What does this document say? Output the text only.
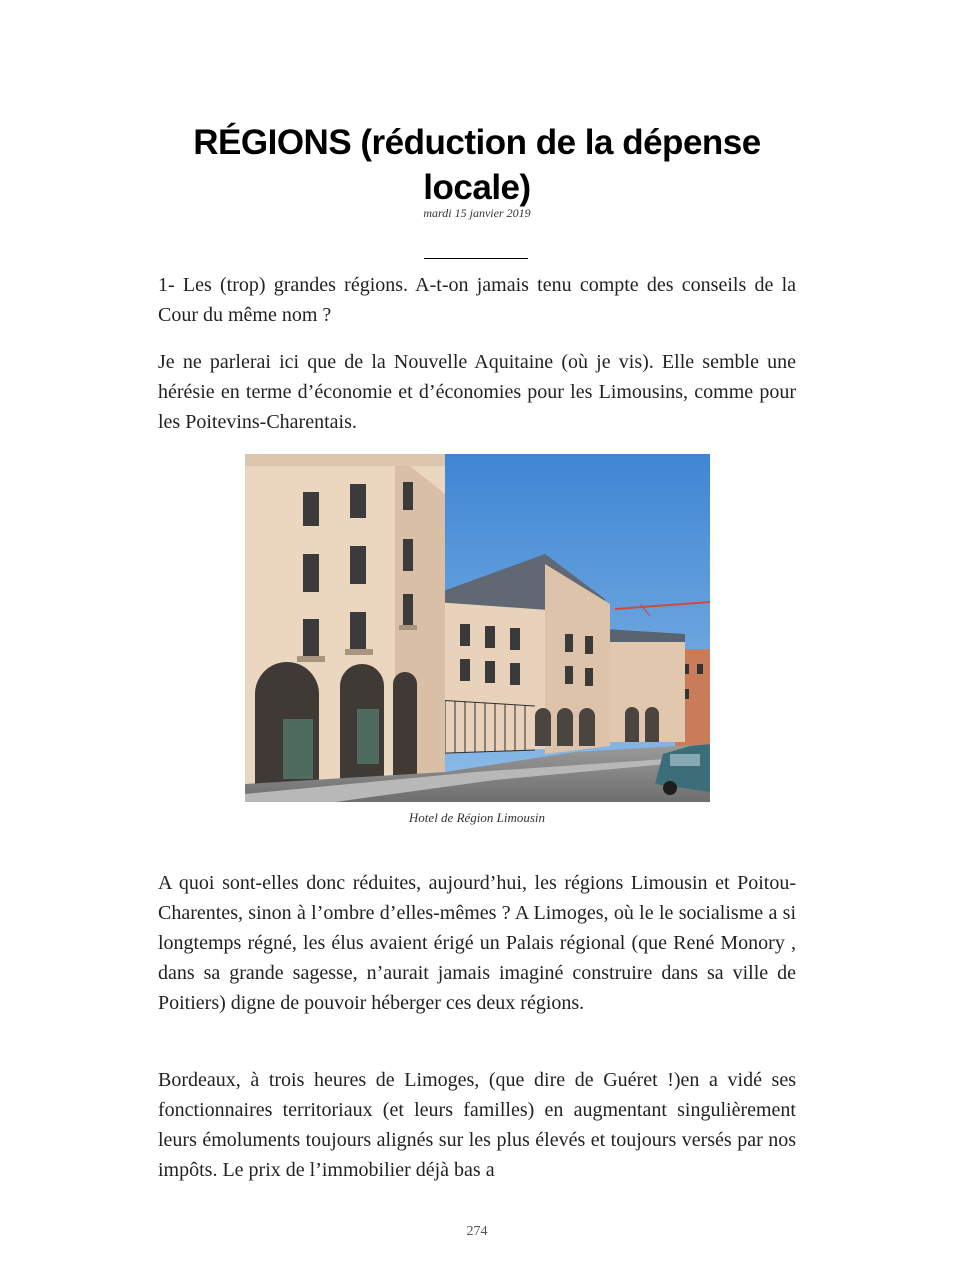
RÉGIONS (réduction de la dépense locale)
mardi 15 janvier 2019

1- Les (trop) grandes régions. A-t-on jamais tenu compte des conseils de la Cour du même nom ?

Je ne parlerai ici que de la Nouvelle Aquitaine (où je vis). Elle semble une hérésie en terme d’économie et d’économies pour les Limousins, comme pour les Poitevins-Charentais.

Hotel de Région Limousin

A quoi sont-elles donc réduites, aujourd’hui, les régions Limousin et Poitou-Charentes, sinon à l’ombre d’elles-mêmes ? A Limoges, où le le socialisme a si longtemps régné, les élus avaient érigé un Palais régional (que René Monory , dans sa grande sagesse, n’aurait jamais imaginé construire dans sa ville de Poitiers) digne de pouvoir héberger ces deux régions.

Bordeaux, à trois heures de Limoges, (que dire de Guéret !)en a vidé ses fonctionnaires territoriaux (et leurs familles) en augmentant singulièrement leurs émoluments toujours alignés sur les plus élevés et toujours versés par nos impôts. Le prix de l’immobilier déjà bas a

274
